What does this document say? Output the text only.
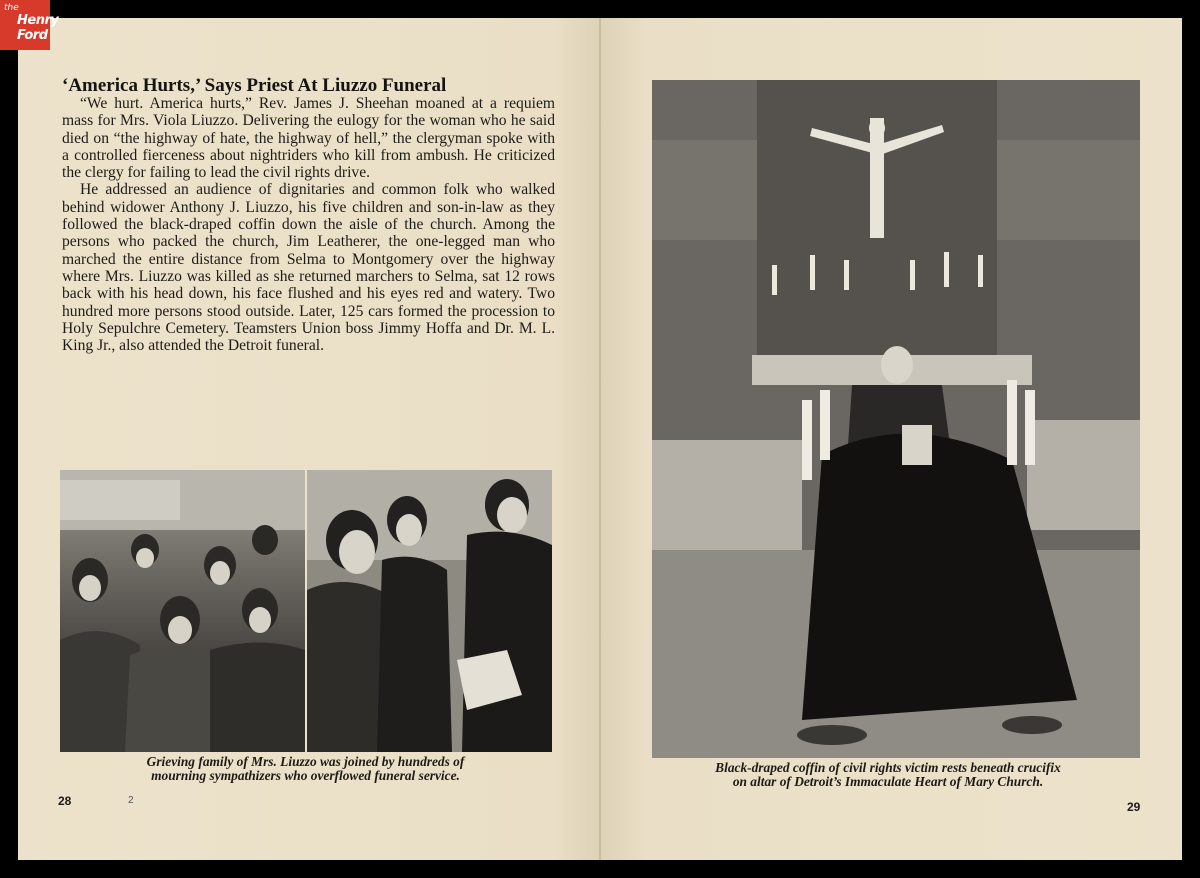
‘America Hurts,’ Says Priest At Liuzzo Funeral

“We hurt. America hurts,” Rev. James J. Sheehan moaned at a requiem mass for Mrs. Viola Liuzzo. Delivering the eulogy for the woman who he said died on “the highway of hate, the highway of hell,” the clergyman spoke with a controlled fierceness about nightriders who kill from ambush. He criticized the clergy for failing to lead the civil rights drive.

He addressed an audience of dignitaries and common folk who walked behind widower Anthony J. Liuzzo, his five children and son-in-law as they followed the black-draped coffin down the aisle of the church. Among the persons who packed the church, Jim Leatherer, the one-legged man who marched the entire distance from Selma to Montgomery over the highway where Mrs. Liuzzo was killed as she returned marchers to Selma, sat 12 rows back with his head down, his face flushed and his eyes red and watery. Two hundred more persons stood outside. Later, 125 cars formed the procession to Holy Sepulchre Cemetery. Teamsters Union boss Jimmy Hoffa and Dr. M. L. King Jr., also attended the Detroit funeral.

Grieving family of Mrs. Liuzzo was joined by hundreds of
mourning sympathizers who overflowed funeral service.
Black-draped coffin of civil rights victim rests beneath crucifix
on altar of Detroit’s Immaculate Heart of Mary Church.
28	2	29
the
Henry
Ford
